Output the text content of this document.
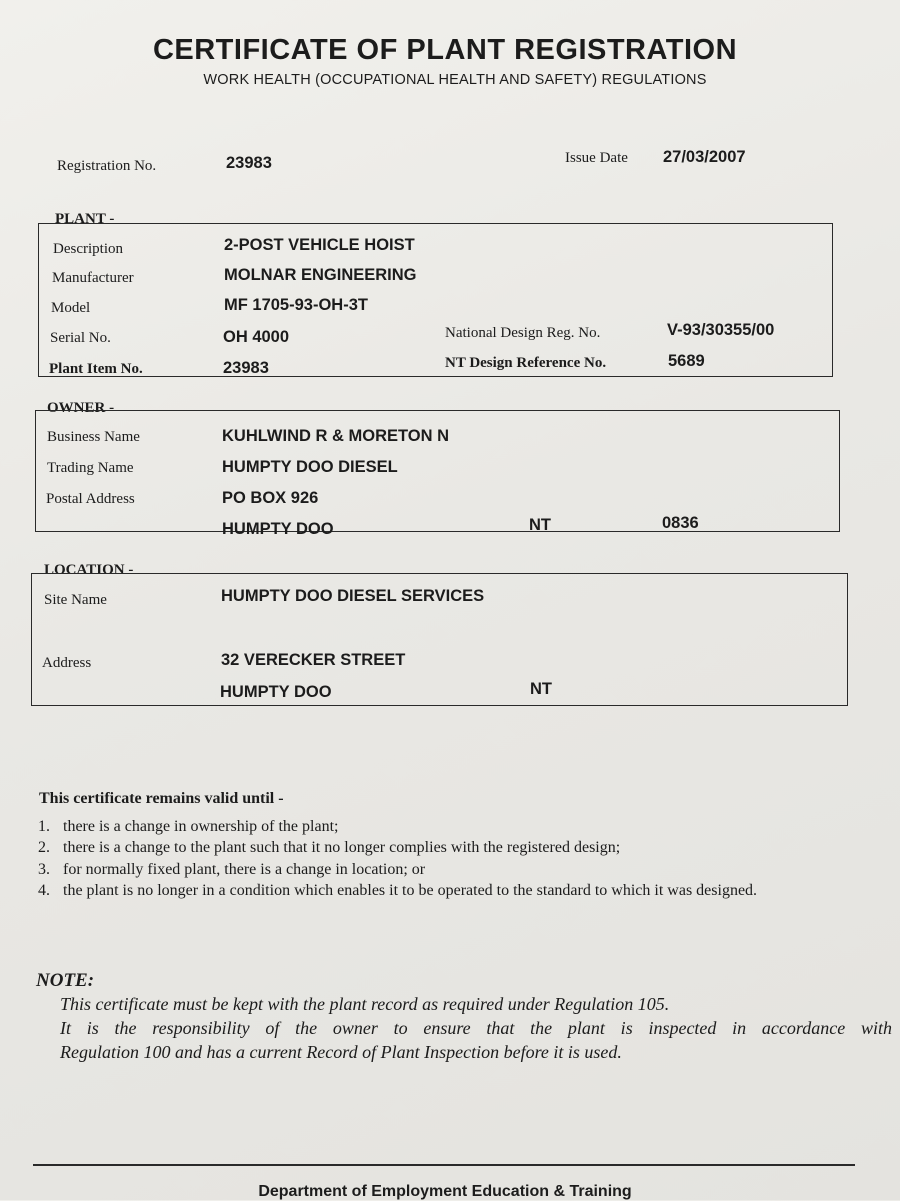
CERTIFICATE OF PLANT REGISTRATION
WORK HEALTH (OCCUPATIONAL HEALTH AND SAFETY) REGULATIONS
Registration No.	23983	Issue Date 27/03/2007
PLANT -
Description	2-POST VEHICLE HOIST
Manufacturer	MOLNAR ENGINEERING
Model	MF 1705-93-OH-3T
Serial No.	OH 4000	National Design Reg. No.	V-93/30355/00
Plant Item No.	23983	NT Design Reference No.	5689
OWNER -
Business Name	KUHLWIND R & MORETON N
Trading Name	HUMPTY DOO DIESEL
Postal Address	PO BOX 926
HUMPTY DOO	NT	0836
LOCATION -
Site Name	HUMPTY DOO DIESEL SERVICES
Address	32 VERECKER STREET
HUMPTY DOO	NT
This certificate remains valid until -
1. there is a change in ownership of the plant;
2. there is a change to the plant such that it no longer complies with the registered design;
3. for normally fixed plant, there is a change in location; or
4. the plant is no longer in a condition which enables it to be operated to the standard to which it was designed.
NOTE:
This certificate must be kept with the plant record as required under Regulation 105.
It is the responsibility of the owner to ensure that the plant is inspected in accordance with
Regulation 100 and has a current Record of Plant Inspection before it is used.
Department of Employment Education & Training
